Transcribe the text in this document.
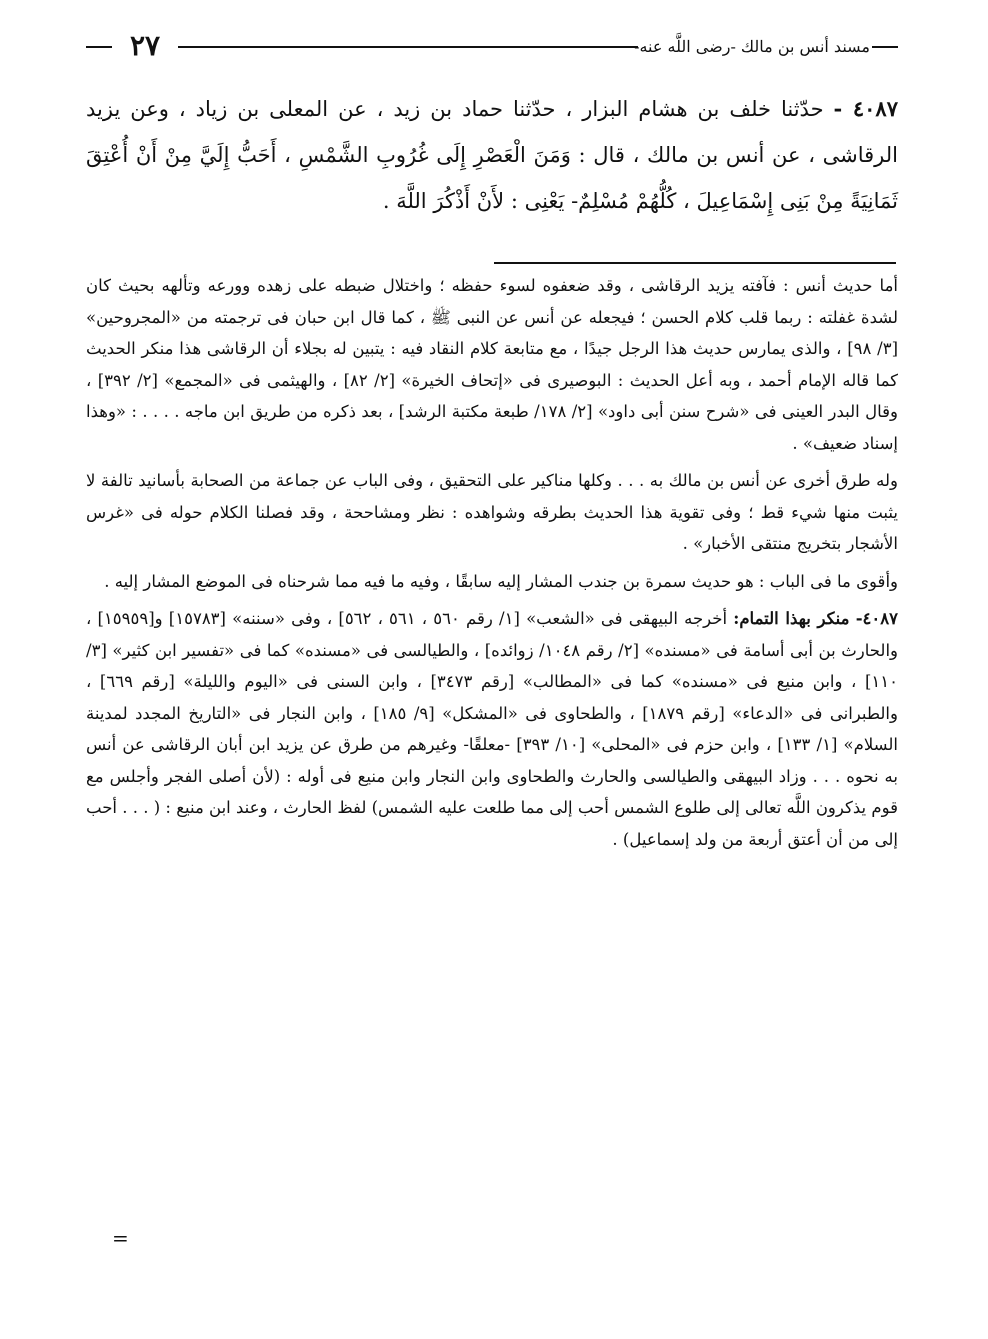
٢٧	مسند أنس بن مالك -رضى اللَّه عنه-
٤٠٨٧ - حدّثنا خلف بن هشام البزار ، حدّثنا حماد بن زيد ، عن المعلى بن زياد ، وعن يزيد الرقاشى ، عن أنس بن مالك ، قال : وَمَنَ الْعَصْرِ إِلَى غُرُوبِ الشَّمْسِ ، أَحَبُّ إِلَيَّ مِنْ أَنْ أُعْتِقَ ثَمَانِيَةً مِنْ بَنِى إِسْمَاعِيلَ ، كُلُّهُمْ مُسْلِمٌ- يَعْنِى : لأَنْ أَذْكُرَ اللَّهَ .

أما حديث أنس : فآفته يزيد الرقاشى ، وقد ضعفوه لسوء حفظه ؛ واختلال ضبطه على زهده وورعه وتألهه بحيث كان لشدة غفلته : ربما قلب كلام الحسن ؛ فيجعله عن أنس عن النبى ﷺ ، كما قال ابن حبان فى ترجمته من «المجروحين» [٣/ ٩٨] ، والذى يمارس حديث هذا الرجل جيدًا ، مع متابعة كلام النقاد فيه : يتبين له بجلاء أن الرقاشى هذا منكر الحديث كما قاله الإمام أحمد ، وبه أعل الحديث : البوصيرى فى «إتحاف الخيرة» [٢/ ٨٢] ، والهيثمى فى «المجمع» [٢/ ٣٩٢] ، وقال البدر العينى فى «شرح سنن أبى داود» [٢/ ١٧٨/ طبعة مكتبة الرشد] ، بعد ذكره من طريق ابن ماجه . . . . : «وهذا إسناد ضعيف» .

وله طرق أخرى عن أنس بن مالك به . . . وكلها مناكير على التحقيق ، وفى الباب عن جماعة من الصحابة بأسانيد تالفة لا يثبت منها شيء قط ؛ وفى تقوية هذا الحديث بطرقه وشواهده : نظر ومشاححة ، وقد فصلنا الكلام حوله فى «غرس الأشجار بتخريج منتقى الأخبار» .

وأقوى ما فى الباب : هو حديث سمرة بن جندب المشار إليه سابقًا ، وفيه ما فيه مما شرحناه فى الموضع المشار إليه .

٤٠٨٧- منكر بهذا التمام: أخرجه البيهقى فى «الشعب» [١/ رقم ٥٦٠ ، ٥٦١ ، ٥٦٢] ، وفى «سننه» [١٥٧٨٣] و[١٥٩٥٩] ، والحارث بن أبى أسامة فى «مسنده» [٢/ رقم ١٠٤٨/ زوائده] ، والطيالسى فى «مسنده» كما فى «تفسير ابن كثير» [٣/ ١١٠] ، وابن منيع فى «مسنده» كما فى «المطالب» [رقم ٣٤٧٣] ، وابن السنى فى «اليوم والليلة» [رقم ٦٦٩] ، والطبرانى فى «الدعاء» [رقم ١٨٧٩] ، والطحاوى فى «المشكل» [٩/ ١٨٥] ، وابن النجار فى «التاريخ المجدد لمدينة السلام» [١/ ١٣٣] ، وابن حزم فى «المحلى» [١٠/ ٣٩٣] -معلقًا- وغيرهم من طرق عن يزيد ابن أبان الرقاشى عن أنس به نحوه . . . وزاد البيهقى والطيالسى والحارث والطحاوى وابن النجار وابن منيع فى أوله : (لأن أصلى الفجر وأجلس مع قوم يذكرون اللَّه تعالى إلى طلوع الشمس أحب إلى مما طلعت عليه الشمس) لفظ الحارث ، وعند ابن منيع : ( . . . أحب إلى من أن أعتق أربعة من ولد إسماعيل) .

=
